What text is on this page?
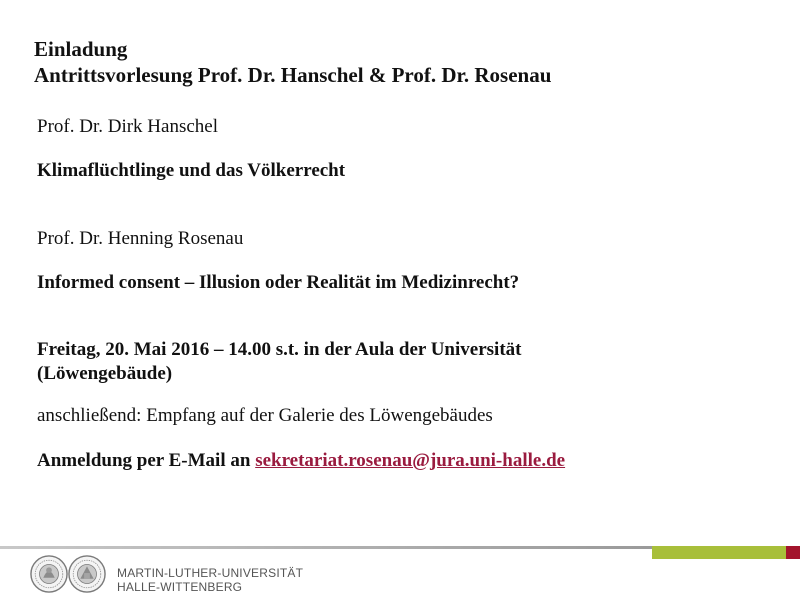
Einladung
Antrittsvorlesung Prof. Dr. Hanschel & Prof. Dr. Rosenau
Prof. Dr. Dirk Hanschel
Klimaflüchtlinge und das Völkerrecht
Prof. Dr. Henning Rosenau
Informed consent – Illusion oder Realität im Medizinrecht?
Freitag, 20. Mai 2016 – 14.00 s.t. in der Aula der Universität
(Löwengebäude)
anschließend: Empfang auf der Galerie des Löwengebäudes
Anmeldung per E-Mail an sekretariat.rosenau@jura.uni-halle.de
MARTIN-LUTHER-UNIVERSITÄT
HALLE-WITTENBERG
